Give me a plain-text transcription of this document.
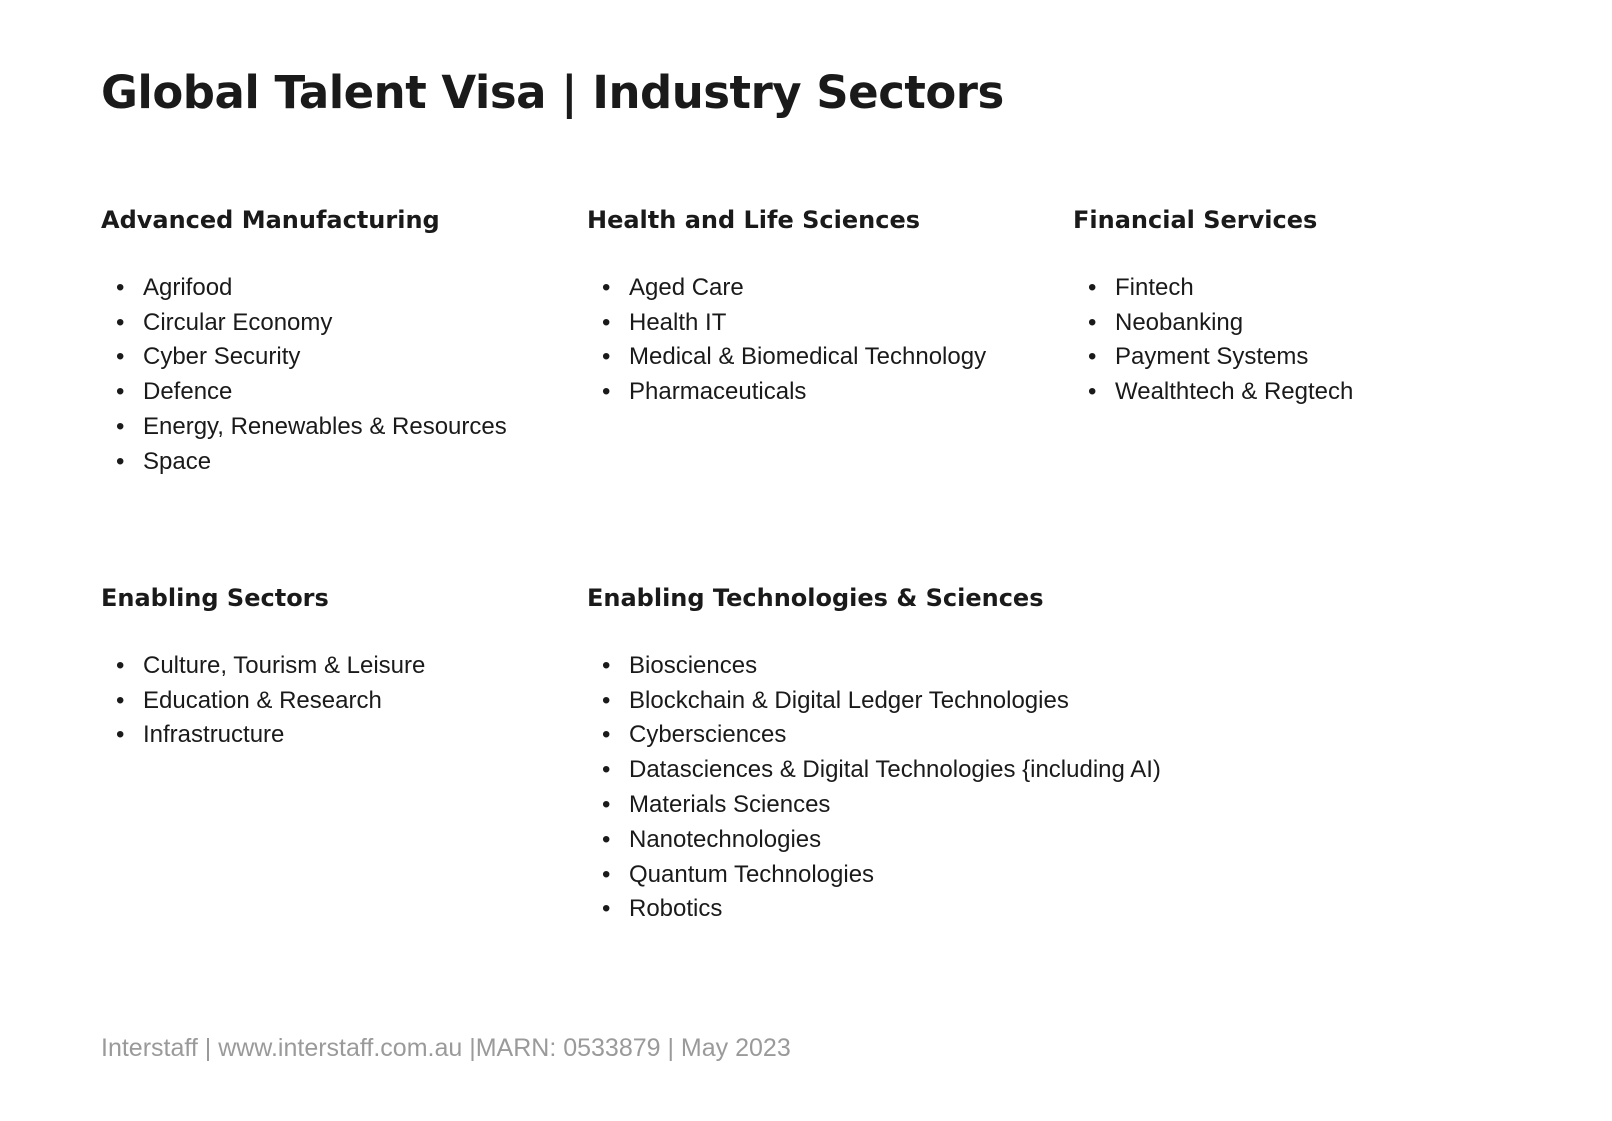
Global Talent Visa | Industry Sectors
Advanced Manufacturing
• Agrifood
• Circular Economy
• Cyber Security
• Defence
• Energy, Renewables & Resources
• Space
Health and Life Sciences
• Aged Care
• Health IT
• Medical & Biomedical Technology
• Pharmaceuticals
Financial Services
• Fintech
• Neobanking
• Payment Systems
• Wealthtech & Regtech
Enabling Sectors
• Culture, Tourism & Leisure
• Education & Research
• Infrastructure
Enabling Technologies & Sciences
• Biosciences
• Blockchain & Digital Ledger Technologies
• Cybersciences
• Datasciences & Digital Technologies {including AI)
• Materials Sciences
• Nanotechnologies
• Quantum Technologies
• Robotics
Interstaff | www.interstaff.com.au |MARN: 0533879 | May 2023
